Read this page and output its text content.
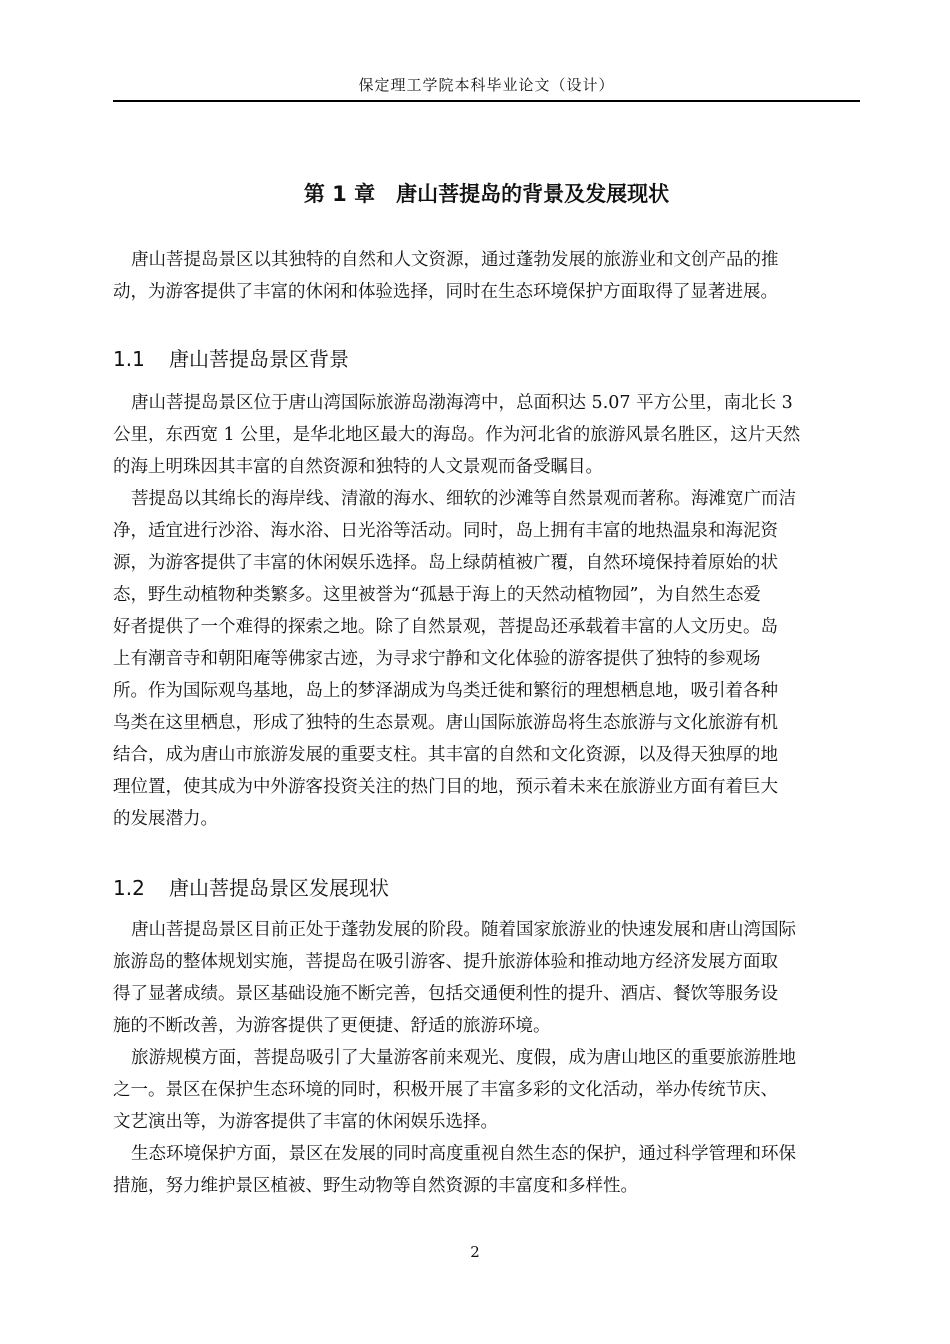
保定理工学院本科毕业论文（设计）
第 1 章　唐山菩提岛的背景及发展现状
唐山菩提岛景区以其独特的自然和人文资源，通过蓬勃发展的旅游业和文创产品的推
动，为游客提供了丰富的休闲和体验选择，同时在生态环境保护方面取得了显著进展。
1.1 唐山菩提岛景区背景
唐山菩提岛景区位于唐山湾国际旅游岛渤海湾中，总面积达 5.07 平方公里，南北长 3
公里，东西宽 1 公里，是华北地区最大的海岛。作为河北省的旅游风景名胜区，这片天然
的海上明珠因其丰富的自然资源和独特的人文景观而备受瞩目。
菩提岛以其绵长的海岸线、清澈的海水、细软的沙滩等自然景观而著称。海滩宽广而洁
净，适宜进行沙浴、海水浴、日光浴等活动。同时，岛上拥有丰富的地热温泉和海泥资
源，为游客提供了丰富的休闲娱乐选择。岛上绿荫植被广覆，自然环境保持着原始的状
态，野生动植物种类繁多。这里被誉为“孤悬于海上的天然动植物园”，为自然生态爱
好者提供了一个难得的探索之地。除了自然景观，菩提岛还承载着丰富的人文历史。岛
上有潮音寺和朝阳庵等佛家古迹，为寻求宁静和文化体验的游客提供了独特的参观场
所。作为国际观鸟基地，岛上的梦泽湖成为鸟类迁徙和繁衍的理想栖息地，吸引着各种
鸟类在这里栖息，形成了独特的生态景观。唐山国际旅游岛将生态旅游与文化旅游有机
结合，成为唐山市旅游发展的重要支柱。其丰富的自然和文化资源，以及得天独厚的地
理位置，使其成为中外游客投资关注的热门目的地，预示着未来在旅游业方面有着巨大
的发展潜力。
1.2 唐山菩提岛景区发展现状
唐山菩提岛景区目前正处于蓬勃发展的阶段。随着国家旅游业的快速发展和唐山湾国际
旅游岛的整体规划实施，菩提岛在吸引游客、提升旅游体验和推动地方经济发展方面取
得了显著成绩。景区基础设施不断完善，包括交通便利性的提升、酒店、餐饮等服务设
施的不断改善，为游客提供了更便捷、舒适的旅游环境。
旅游规模方面，菩提岛吸引了大量游客前来观光、度假，成为唐山地区的重要旅游胜地
之一。景区在保护生态环境的同时，积极开展了丰富多彩的文化活动，举办传统节庆、
文艺演出等，为游客提供了丰富的休闲娱乐选择。
生态环境保护方面，景区在发展的同时高度重视自然生态的保护，通过科学管理和环保
措施，努力维护景区植被、野生动物等自然资源的丰富度和多样性。
2
